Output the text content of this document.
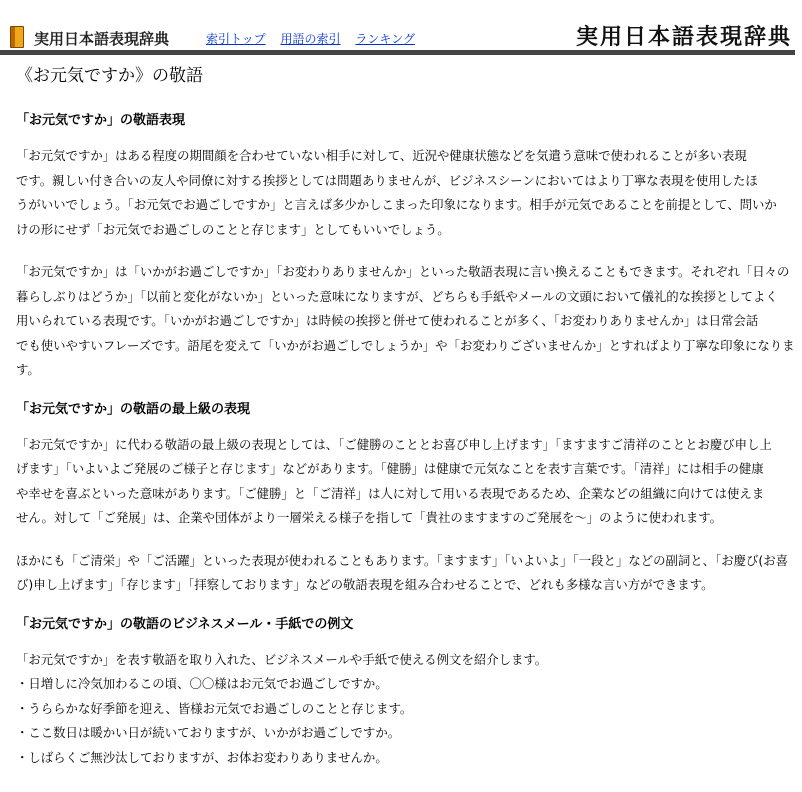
実用日本語表現辞典	索引トップ 用語の索引 ランキング	実用日本語表現辞典
《お元気ですか》の敬語
「お元気ですか」の敬語表現

「お元気ですか」はある程度の期間顔を合わせていない相手に対して、近況や健康状態などを気遣う意味で使われることが多い表現
です。親しい付き合いの友人や同僚に対する挨拶としては問題ありませんが、ビジネスシーンにおいてはより丁寧な表現を使用したほ
うがいいでしょう。「お元気でお過ごしですか」と言えば多少かしこまった印象になります。相手が元気であることを前提として、問いか
けの形にせず「お元気でお過ごしのことと存じます」としてもいいでしょう。

「お元気ですか」は「いかがお過ごしですか」「お変わりありませんか」といった敬語表現に言い換えることもできます。それぞれ「日々の
暮らしぶりはどうか」「以前と変化がないか」といった意味になりますが、どちらも手紙やメールの文頭において儀礼的な挨拶としてよく
用いられている表現です。「いかがお過ごしですか」は時候の挨拶と併せて使われることが多く、「お変わりありませんか」は日常会話
でも使いやすいフレーズです。語尾を変えて「いかがお過ごしでしょうか」や「お変わりございませんか」とすればより丁寧な印象になりま
す。

「お元気ですか」の敬語の最上級の表現

「お元気ですか」に代わる敬語の最上級の表現としては、「ご健勝のこととお喜び申し上げます」「ますますご清祥のこととお慶び申し上
げます」「いよいよご発展のご様子と存じます」などがあります。「健勝」は健康で元気なことを表す言葉です。「清祥」には相手の健康
や幸せを喜ぶといった意味があります。「ご健勝」と「ご清祥」は人に対して用いる表現であるため、企業などの組織に向けては使えま
せん。対して「ご発展」は、企業や団体がより一層栄える様子を指して「貴社のますますのご発展を～」のように使われます。

ほかにも「ご清栄」や「ご活躍」といった表現が使われることもあります。「ますます」「いよいよ」「一段と」などの副詞と、「お慶び(お喜
び)申し上げます」「存じます」「拝察しております」などの敬語表現を組み合わせることで、どれも多様な言い方ができます。

「お元気ですか」の敬語のビジネスメール・手紙での例文

「お元気ですか」を表す敬語を取り入れた、ビジネスメールや手紙で使える例文を紹介します。
・日増しに冷気加わるこの頃、〇〇様はお元気でお過ごしですか。
・うららかな好季節を迎え、皆様お元気でお過ごしのことと存じます。
・ここ数日は暖かい日が続いておりますが、いかがお過ごしですか。
・しばらくご無沙汰しておりますが、お体お変わりありませんか。
